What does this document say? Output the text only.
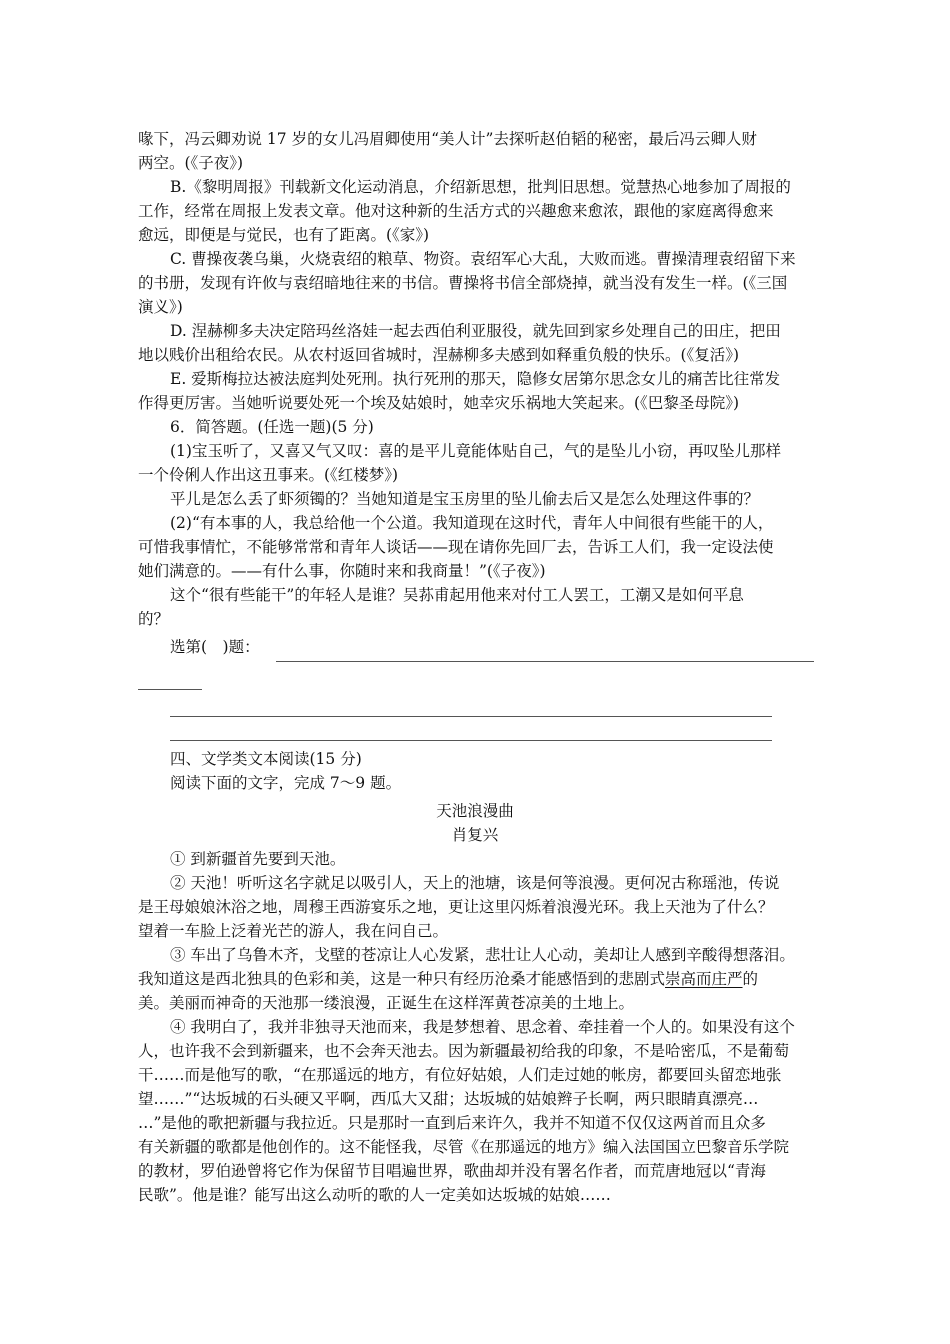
喙下，冯云卿劝说 17 岁的女儿冯眉卿使用“美人计”去探听赵伯韬的秘密，最后冯云卿人财
两空。(《子夜》)
B.《黎明周报》刊载新文化运动消息，介绍新思想，批判旧思想。觉慧热心地参加了周报的
工作，经常在周报上发表文章。他对这种新的生活方式的兴趣愈来愈浓，跟他的家庭离得愈来
愈远，即便是与觉民，也有了距离。(《家》)
C. 曹操夜袭乌巢，火烧袁绍的粮草、物资。袁绍军心大乱，大败而逃。曹操清理袁绍留下来
的书册，发现有许攸与袁绍暗地往来的书信。曹操将书信全部烧掉，就当没有发生一样。(《三国
演义》)
D. 涅赫柳多夫决定陪玛丝洛娃一起去西伯利亚服役，就先回到家乡处理自己的田庄，把田
地以贱价出租给农民。从农村返回省城时，涅赫柳多夫感到如释重负般的快乐。(《复活》)
E. 爱斯梅拉达被法庭判处死刑。执行死刑的那天，隐修女居第尔思念女儿的痛苦比往常发
作得更厉害。当她听说要处死一个埃及姑娘时，她幸灾乐祸地大笑起来。(《巴黎圣母院》)
6．简答题。(任选一题)(5 分)
(1)宝玉听了，又喜又气又叹：喜的是平儿竟能体贴自己，气的是坠儿小窃，再叹坠儿那样
一个伶俐人作出这丑事来。(《红楼梦》)
平儿是怎么丢了虾须镯的？当她知道是宝玉房里的坠儿偷去后又是怎么处理这件事的？
(2)“有本事的人，我总给他一个公道。我知道现在这时代，青年人中间很有些能干的人，
可惜我事情忙，不能够常常和青年人谈话——现在请你先回厂去，告诉工人们，我一定设法使
她们满意的。——有什么事，你随时来和我商量！”(《子夜》)
这个“很有些能干”的年轻人是谁？吴荪甫起用他来对付工人罢工，工潮又是如何平息
的？
选第(　)题：
四、文学类文本阅读(15 分)
阅读下面的文字，完成 7～9 题。
天池浪漫曲
肖复兴
① 到新疆首先要到天池。
② 天池！听听这名字就足以吸引人，天上的池塘，该是何等浪漫。更何况古称瑶池，传说
是王母娘娘沐浴之地，周穆王西游宴乐之地，更让这里闪烁着浪漫光环。我上天池为了什么？
望着一车脸上泛着光芒的游人，我在问自己。
③ 车出了乌鲁木齐，戈壁的苍凉让人心发紧，悲壮让人心动，美却让人感到辛酸得想落泪。
我知道这是西北独具的色彩和美，这是一种只有经历沧桑才能感悟到的悲剧式崇高而庄严的
美。美丽而神奇的天池那一缕浪漫，正诞生在这样浑黄苍凉美的土地上。
④ 我明白了，我并非独寻天池而来，我是梦想着、思念着、牵挂着一个人的。如果没有这个
人，也许我不会到新疆来，也不会奔天池去。因为新疆最初给我的印象，不是哈密瓜，不是葡萄
干……而是他写的歌，“在那遥远的地方，有位好姑娘，人们走过她的帐房，都要回头留恋地张
望……”“达坂城的石头硬又平啊，西瓜大又甜；达坂城的姑娘辫子长啊，两只眼睛真漂亮…
…”是他的歌把新疆与我拉近。只是那时一直到后来许久，我并不知道不仅仅这两首而且众多
有关新疆的歌都是他创作的。这不能怪我，尽管《在那遥远的地方》编入法国国立巴黎音乐学院
的教材，罗伯逊曾将它作为保留节目唱遍世界，歌曲却并没有署名作者，而荒唐地冠以“青海
民歌”。他是谁？能写出这么动听的歌的人一定美如达坂城的姑娘……
